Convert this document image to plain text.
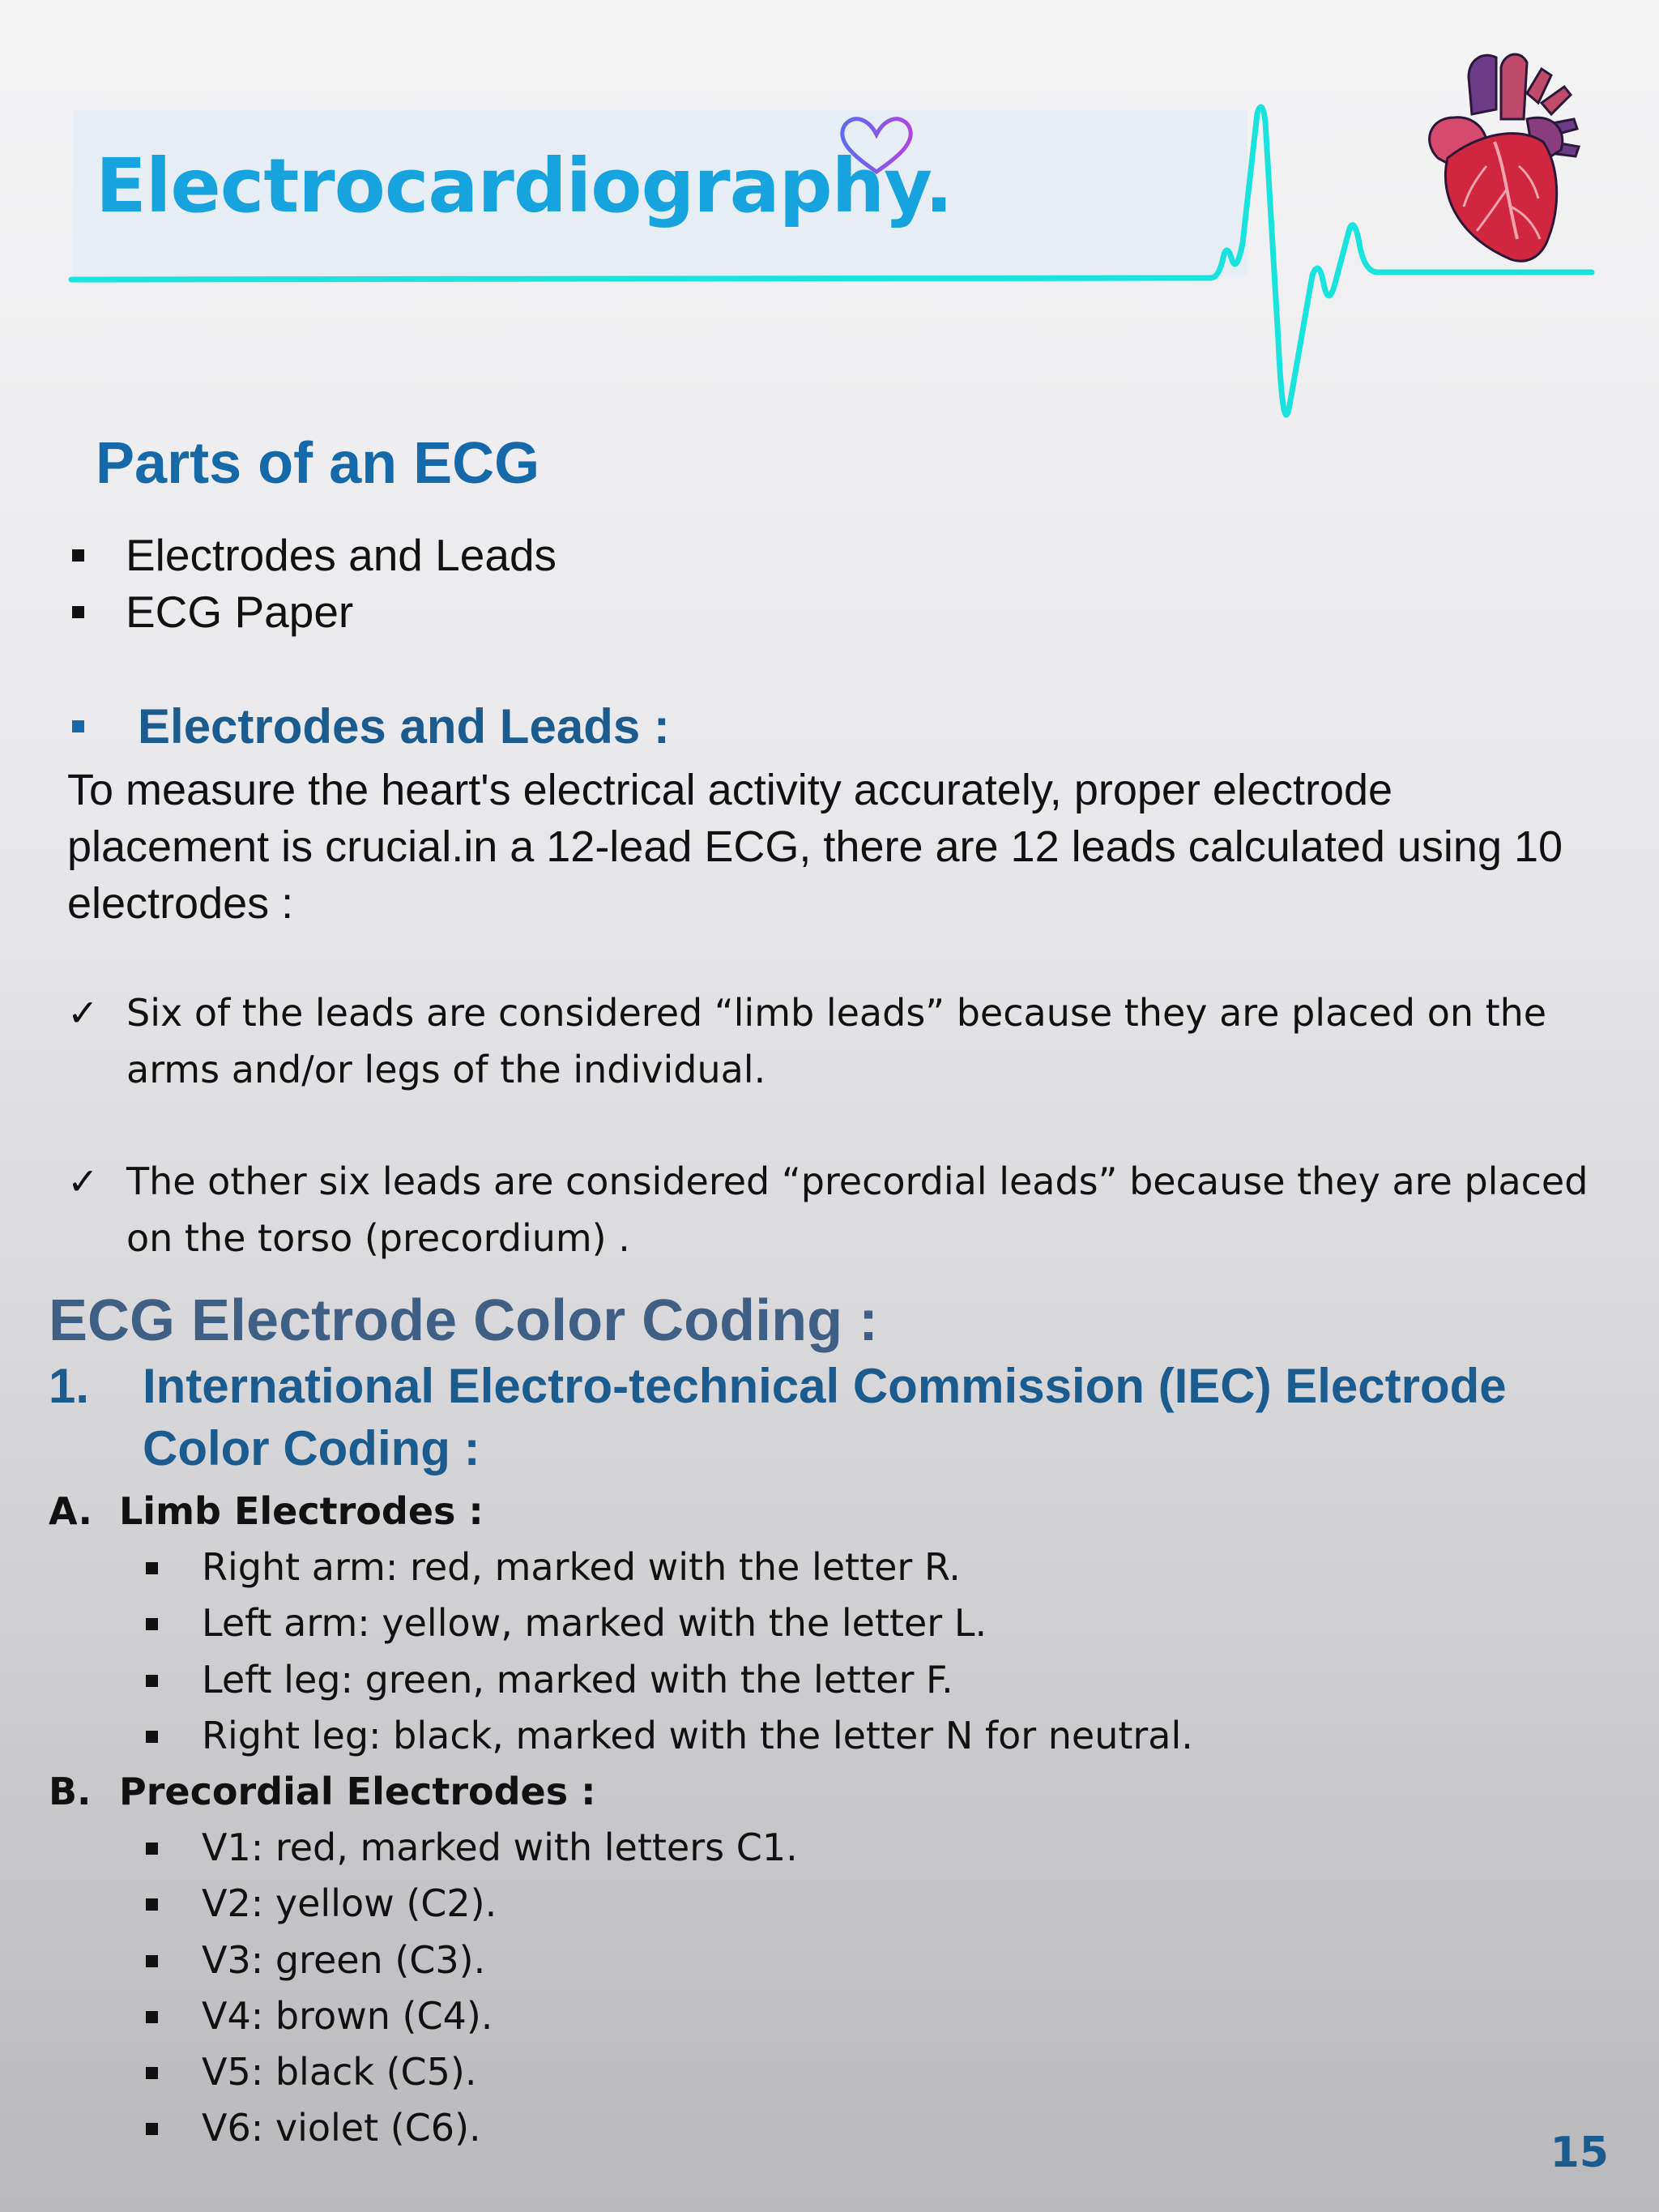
Electrocardiography.
Parts of an ECG
Electrodes and Leads
ECG Paper
Electrodes and Leads :

To measure the heart's electrical activity accurately, proper electrode placement is crucial.in a 12-lead ECG, there are 12 leads calculated using 10 electrodes :

✓ Six of the leads are considered “limb leads” because they are placed on the arms and/or legs of the individual.

✓ The other six leads are considered “precordial leads” because they are placed on the torso (precordium) .

ECG Electrode Color Coding :
1. International Electro-technical Commission (IEC) Electrode Color Coding :
A. Limb Electrodes :
Right arm: red, marked with the letter R.
Left arm: yellow, marked with the letter L.
Left leg: green, marked with the letter F.
Right leg: black, marked with the letter N for neutral.
B. Precordial Electrodes :
V1: red, marked with letters C1.
V2: yellow (C2).
V3: green (C3).
V4: brown (C4).
V5: black (C5).
V6: violet (C6).
15
